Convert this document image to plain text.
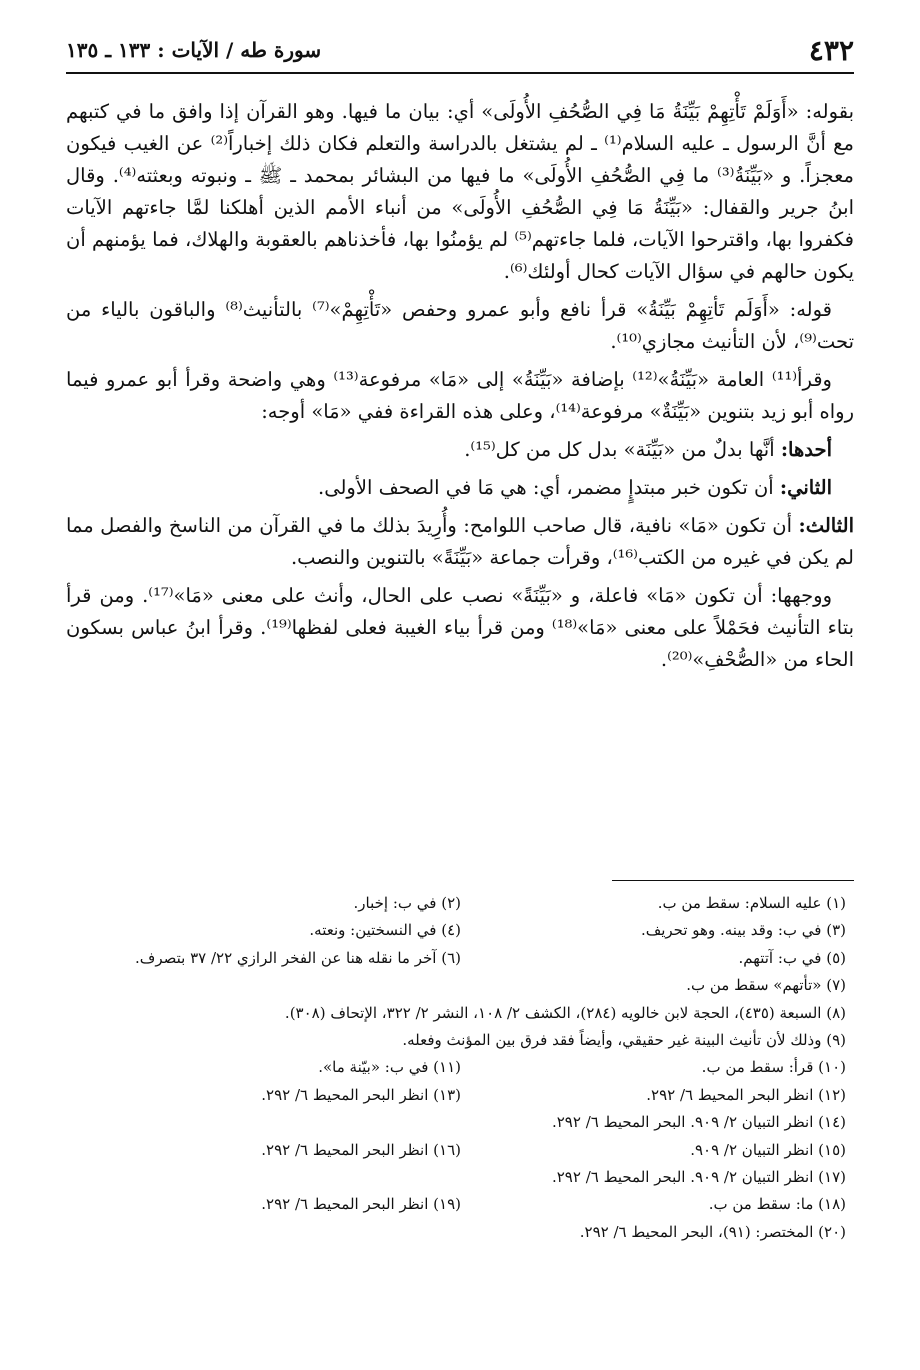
٤٣٢
سورة طه / الآيات : ١٣٣ ـ ١٣٥

بقوله: «أَوَلَمْ تَأْتِهِمْ بَيِّنَةُ مَا فِي الصُّحُفِ الأُولَى» أي: بيان ما فيها. وهو القرآن إذا وافق ما في كتبهم مع أنَّ الرسول ـ عليه السلام⁽¹⁾ ـ لم يشتغل بالدراسة والتعلم فكان ذلك إخباراً⁽²⁾ عن الغيب فيكون معجزاً. و «بَيِّنَةُ⁽³⁾ ما فِي الصُّحُفِ الأُولَى» ما فيها من البشائر بمحمد ـ ﷺ ـ ونبوته وبعثته⁽⁴⁾. وقال ابنُ جرير والقفال: «بَيِّنَةُ مَا فِي الصُّحُفِ الأُولَى» من أنباء الأمم الذين أهلكنا لمَّا جاءتهم الآيات فكفروا بها، واقترحوا الآيات، فلما جاءتهم⁽⁵⁾ لم يؤمنُوا بها، فأخذناهم بالعقوبة والهلاك، فما يؤمنهم أن يكون حالهم في سؤال الآيات كحال أولئك⁽⁶⁾.

قوله: «أَوَلَم تَأتِهِمْ بَيِّنَةُ» قرأ نافع وأبو عمرو وحفص «تَأْتِهِمْ»⁽⁷⁾ بالتأنيث⁽⁸⁾ والباقون بالياء من تحت⁽⁹⁾، لأن التأنيث مجازي⁽¹⁰⁾.

وقرأ⁽¹¹⁾ العامة «بَيِّنَةُ»⁽¹²⁾ بإضافة «بَيِّنَةُ» إلى «مَا» مرفوعة⁽¹³⁾ وهي واضحة وقرأ أبو عمرو فيما رواه أبو زيد بتنوين «بَيِّنَةٌ» مرفوعة⁽¹⁴⁾، وعلى هذه القراءة ففي «مَا» أوجه:

أحدها: أنَّها بدلٌ من «بَيِّنَة» بدل كل من كل⁽¹⁵⁾.

الثاني: أن تكون خبر مبتدإٍ مضمر، أي: هي مَا في الصحف الأولى.

الثالث: أن تكون «مَا» نافية، قال صاحب اللوامح: وأُرِيدَ بذلك ما في القرآن من الناسخ والفصل مما لم يكن في غيره من الكتب⁽¹⁶⁾، وقرأت جماعة «بَيِّنَةً» بالتنوين والنصب.

ووجهها: أن تكون «مَا» فاعلة، و «بَيِّنَةً» نصب على الحال، وأنث على معنى «مَا»⁽¹⁷⁾. ومن قرأ بتاء التأنيث فحَمْلاً على معنى «مَا»⁽¹⁸⁾ ومن قرأ بياء الغيبة فعلى لفظها⁽¹⁹⁾. وقرأ ابنُ عباس بسكون الحاء من «الصُّحْفِ»⁽²⁰⁾.

(١) عليه السلام: سقط من ب.
(٢) في ب: إخبار.
(٣) في ب: وقد بينه. وهو تحريف.
(٤) في النسختين: ونعته.
(٥) في ب: آتتهم.
(٦) آخر ما نقله هنا عن الفخر الرازي ٢٢/ ٣٧ بتصرف.
(٧) «تأتهم» سقط من ب.
(٨) السبعة (٤٣٥)، الحجة لابن خالويه (٢٨٤)، الكشف ٢/ ١٠٨، النشر ٢/ ٣٢٢، الإتحاف (٣٠٨).
(٩) وذلك لأن تأنيث البينة غير حقيقي، وأيضاً فقد فرق بين المؤنث وفعله.
(١٠) قرأ: سقط من ب.
(١١) في ب: «بيّنة ما».
(١٢) انظر البحر المحيط ٦/ ٢٩٢.
(١٣) انظر البحر المحيط ٦/ ٢٩٢.
(١٤) انظر التبيان ٢/ ٩٠٩. البحر المحيط ٦/ ٢٩٢.
(١٥) انظر التبيان ٢/ ٩٠٩.
(١٦) انظر البحر المحيط ٦/ ٢٩٢.
(١٧) انظر التبيان ٢/ ٩٠٩. البحر المحيط ٦/ ٢٩٢.
(١٨) ما: سقط من ب.
(١٩) انظر البحر المحيط ٦/ ٢٩٢.
(٢٠) المختصر: (٩١)، البحر المحيط ٦/ ٢٩٢.
